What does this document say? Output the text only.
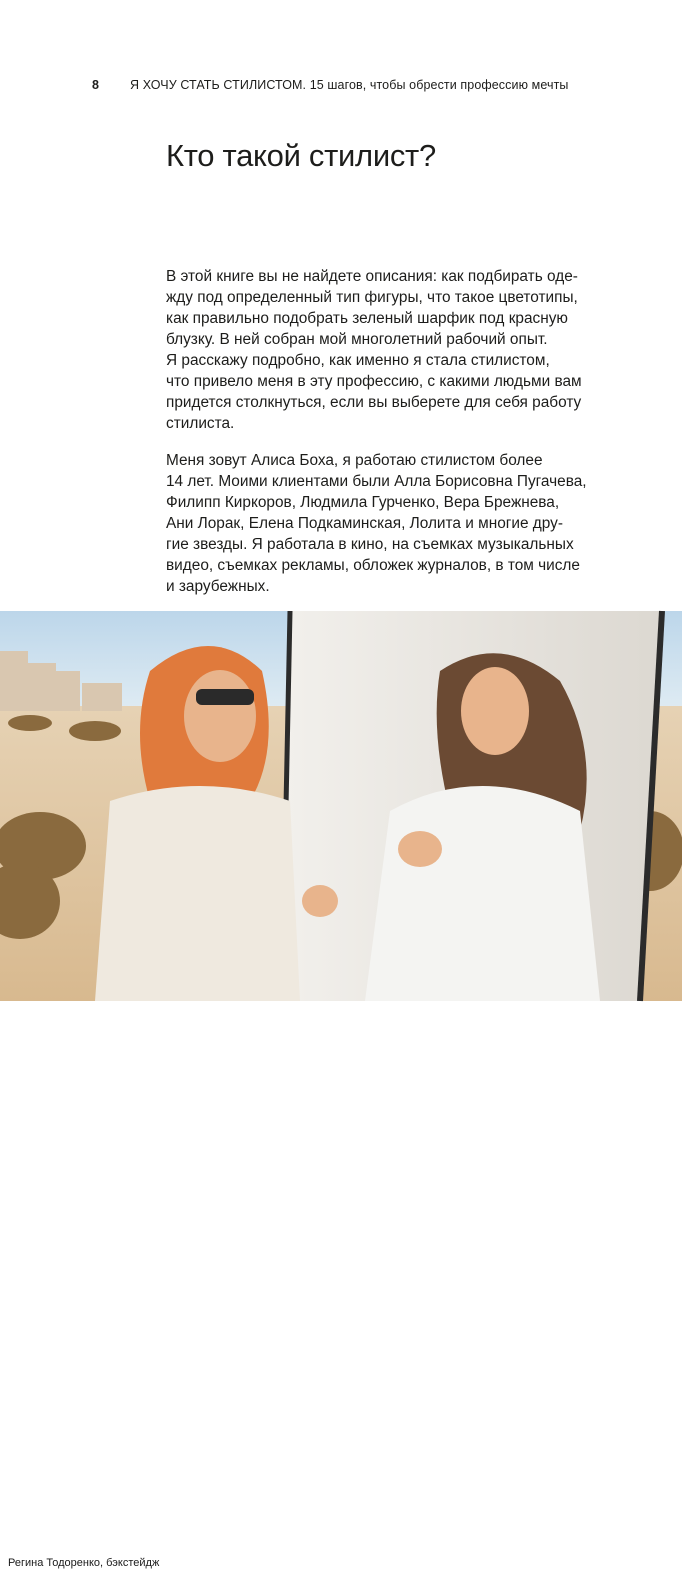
8 Я ХОЧУ СТАТЬ СТИЛИСТОМ. 15 шагов, чтобы обрести профессию мечты
Кто такой стилист?

В этой книге вы не найдете описания: как подбирать оде-
жду под определенный тип фигуры, что такое цветотипы,
как правильно подобрать зеленый шарфик под красную
блузку. В ней собран мой многолетний рабочий опыт.
Я расскажу подробно, как именно я стала стилистом,
что привело меня в эту профессию, с какими людьми вам
придется столкнуться, если вы выберете для себя работу
стилиста.

Меня зовут Алиса Боха, я работаю стилистом более
14 лет. Моими клиентами были Алла Борисовна Пугачева,
Филипп Киркоров, Людмила Гурченко, Вера Брежнева,
Ани Лорак, Елена Подкаминская, Лолита и многие дру-
гие звезды. Я работала в кино, на съемках музыкальных
видео, съемках рекламы, обложек журналов, в том числе
и зарубежных.

Регина Тодоренко, бэкстейдж
